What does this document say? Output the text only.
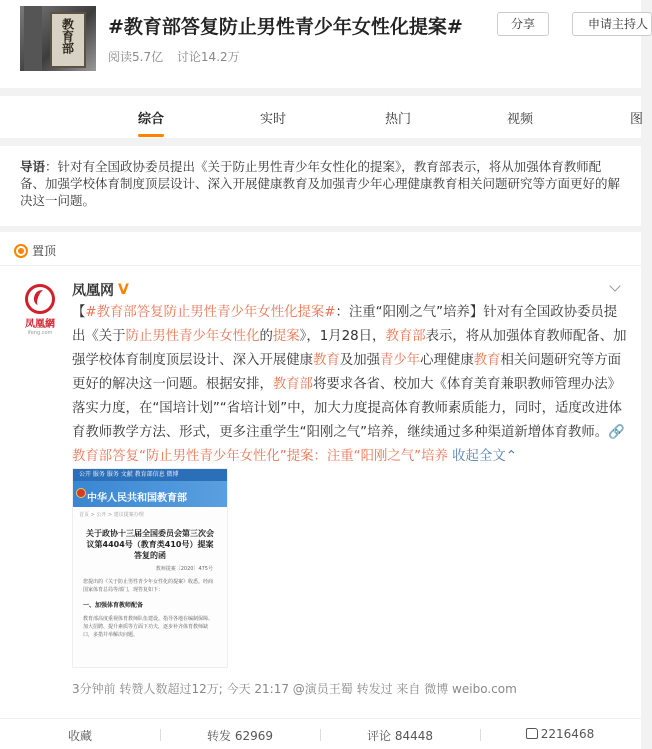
教育部 #教育部答复防止男性青少年女性化提案#
阅读5.7亿 讨论14.2万
分享	申请主持人
综合	实时	热门	视频	图
导语：针对有全国政协委员提出《关于防止男性青少年女性化的提案》，教育部表示，将从加强体育教师配备、加强学校体育制度顶层设计、深入开展健康教育及加强青少年心理健康教育相关问题研究等方面更好的解决这一问题。
置顶
凤凰網
ifeng.com
凤凰网 V
【#教育部答复防止男性青少年女性化提案#：注重“阳刚之气”培养】针对有全国政协委员提出《关于防止男性青少年女性化的提案》，1月28日，教育部表示，将从加强体育教师配备、加强学校体育制度顶层设计、深入开展健康教育及加强青少年心理健康教育相关问题研究等方面更好的解决这一问题。根据安排，教育部将要求各省、校加大《体育美育兼职教师管理办法》落实力度，在“国培计划”“省培计划”中，加大力度提高体育教师素质能力，同时，适度改进体育教师教学方法、形式，更多注重学生“阳刚之气”培养，继续通过多种渠道新增体育教师。🔗教育部答复“防止男性青少年女性化”提案：注重“阳刚之气”培养 收起全文⌃
公开 服务 服务 文献 教育部信息 微博
中华人民共和国教育部
首页 > 公开 > 建议提案办理
关于政协十三届全国委员会第三次会议第4404号（教育类410号）提案答复的函
教师提案〔2020〕475号
您提出的《关于防止男性青少年女性化的提案》收悉。经商国家体育总局等部门，现答复如下：
一、加强体育教师配备
教育部高度重视体育教师队伍建设。指导各地在编制保障、加大招聘、提升素质等方面下功夫，逐步补齐体育教师缺口，多措并举解决问题。
3分钟前 转赞人数超过12万; 今天 21:17 @演员王蜀 转发过 来自 微博 weibo.com
收藏	转发 62969	评论 84448	2216468
